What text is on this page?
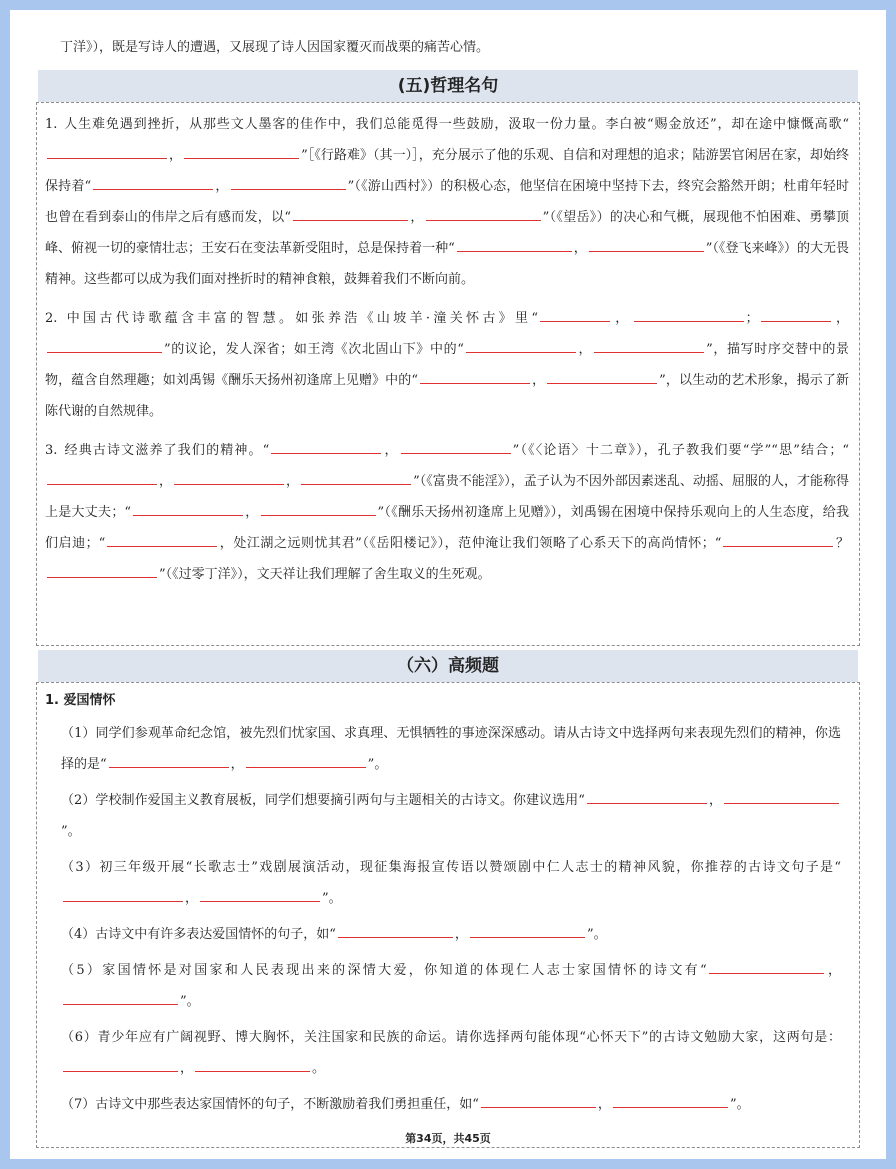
丁洋》），既是写诗人的遭遇，又展现了诗人因国家覆灭而战栗的痛苦心情。
(五)哲理名句

1. 人生难免遇到挫折，从那些文人墨客的佳作中，我们总能觅得一些鼓励，汲取一份力量。李白被“赐金放还”，却在途中慷慨高歌“，	”［《行路难》（其一）］，充分展示了他的乐观、自信和对理想的追求；陆游罢官闲居在家，却始终保持着“	，	”（《游山西村》）的积极心态，他坚信在困境中坚持下去，终究会豁然开朗；杜甫年轻时也曾在看到泰山的伟岸之后有感而发，以“	，	”（《望岳》）的决心和气概，展现他不怕困难、勇攀顶峰、俯视一切的豪情壮志；王安石在变法革新受阻时，总是保持着一种“	，	”（《登飞来峰》）的大无畏精神。这些都可以成为我们面对挫折时的精神食粮，鼓舞着我们不断向前。

2. 中国古代诗歌蕴含丰富的智慧。如张养浩《山坡羊·潼关怀古》里“	，	；	，”的议论，发人深省；如王湾《次北固山下》中的“	，	”，描写时序交替中的景物，蕴含自然理趣；如刘禹锡《酬乐天扬州初逢席上见赠》中的“	，	”，以生动的艺术形象，揭示了新陈代谢的自然规律。

3. 经典古诗文滋养了我们的精神。“	，	”（《〈论语〉十二章》），孔子教我们要“学”“思”结合；“，	，	”（《富贵不能淫》），孟子认为不因外部因素迷乱、动摇、屈服的人，才能称得上是大丈夫；“	，	”（《酬乐天扬州初逢席上见赠》），刘禹锡在困境中保持乐观向上的人生态度，给我们启迪；“	，处江湖之远则忧其君”（《岳阳楼记》），范仲淹让我们领略了心系天下的高尚情怀；“	？”（《过零丁洋》），文天祥让我们理解了舍生取义的生死观。

（六）高频题

1. 爱国情怀

（1）同学们参观革命纪念馆，被先烈们忧家国、求真理、无惧牺牲的事迹深深感动。请从古诗文中选择两句来表现先烈们的精神，你选择的是“	，	”。

（2）学校制作爱国主义教育展板，同学们想要摘引两句与主题相关的古诗文。你建议选用“	，”。

（3）初三年级开展“长歌志士”戏剧展演活动，现征集海报宣传语以赞颂剧中仁人志士的精神风貌，你推荐的古诗文句子是“，	”。

（4）古诗文中有许多表达爱国情怀的句子，如“	，	”。

（5）家国情怀是对国家和人民表现出来的深情大爱，你知道的体现仁人志士家国情怀的诗文有“	，”。

（6）青少年应有广阔视野、博大胸怀，关注国家和民族的命运。请你选择两句能体现“心怀天下”的古诗文勉励大家，这两句是：，	。

（7）古诗文中那些表达家国情怀的句子，不断激励着我们勇担重任，如“	，	”。

第34页，共45页
